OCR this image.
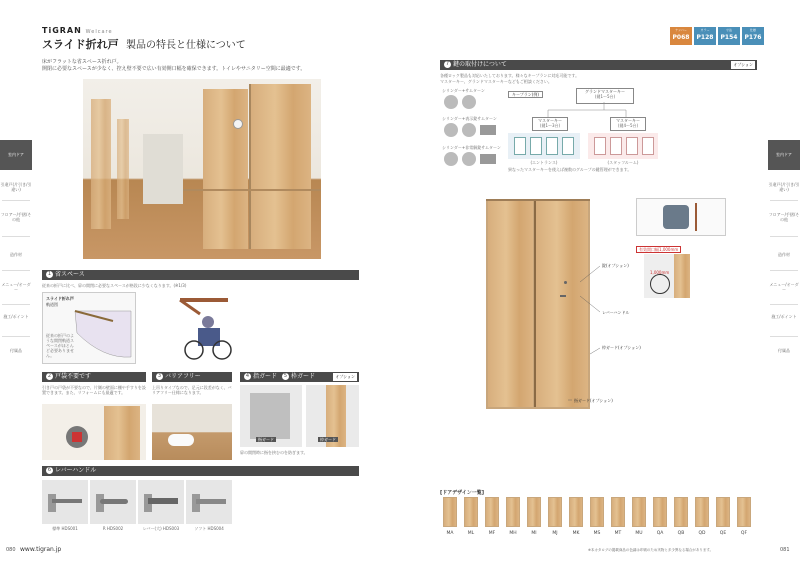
TiGRAN Welcare
スライド折れ戸 製品の特長と仕様について
床がフラットな省スペース折れ戸。
開閉に必要なスペースが少なく、控え壁不要で広い有効開口幅を確保できます。トイレやサニタリー空間に最適です。
1 省スペース
従来の折戸に比べ、扉の開閉に必要なスペースが格段に少なくなります。(※1/3)
スライド折れ戸
軌道図
従来の折戸のような開閉軌道スペースがほとんど必要ありません。
2 戸袋不要です	3 バリアフリー	4 指ガード 5 枠ガード	オプション
引き戸の戸袋が不要なので、片側の壁面に棚や手すりを設置できます。また、リフォームにも最適です。
上吊りタイプなので、足元に段差がなく、バリアフリー仕様になります。
指ガード	枠ガード
扉の開閉時に指を挟むのを防ぎます。
6 レバーハンドル
標準 HDS001	R HDS002	レバー(大) HDS003	ソフト HDS004
室内ドア
引違戸(片引き/引違い)
フロアー/手摺/その他
造作材
メニュー/オーダー
施工/ポイント
付属品
080 www.tigran.jp
ナンバー
P068
カラー
P128
寸法
P154
仕様
P176
7 鍵の取付けについて	オプション
各種ロック製品も対応いたしております。様々なキープランに対応可能です。
マスターキー、グランドマスターキーなどもご相談ください。
シリンダー+サムターン
シリンダー+表示錠サムターン
シリンダー+非常解錠サムターン
キープラン(例)
グランドマスターキー
(鍵1〜5台)
マスターキー
(鍵1〜3台)
マスターキー
(鍵4〜5台)
(エントランス)	(スタッフルーム)
異なったマスターキーを使えば複数のグループの鍵管理ができます。
錠(オプション)
レバーハンドル
枠ガード(オプション)
指ガード(オプション)
有効開口幅1,000mm
1,000mm
[ドアデザイン一覧]
MA	ML	MF	MH	MI	MJ	MK	MS	MT	MU	QA	QB	QD	QE	QF
室内ドア
引違戸(片引き/引違い)
フロアー/手摺/その他
造作材
メニュー/オーダー
施工/ポイント
付属品
※本カタログの掲載商品の色調は印刷のため実物と多少異なる場合があります。	081
